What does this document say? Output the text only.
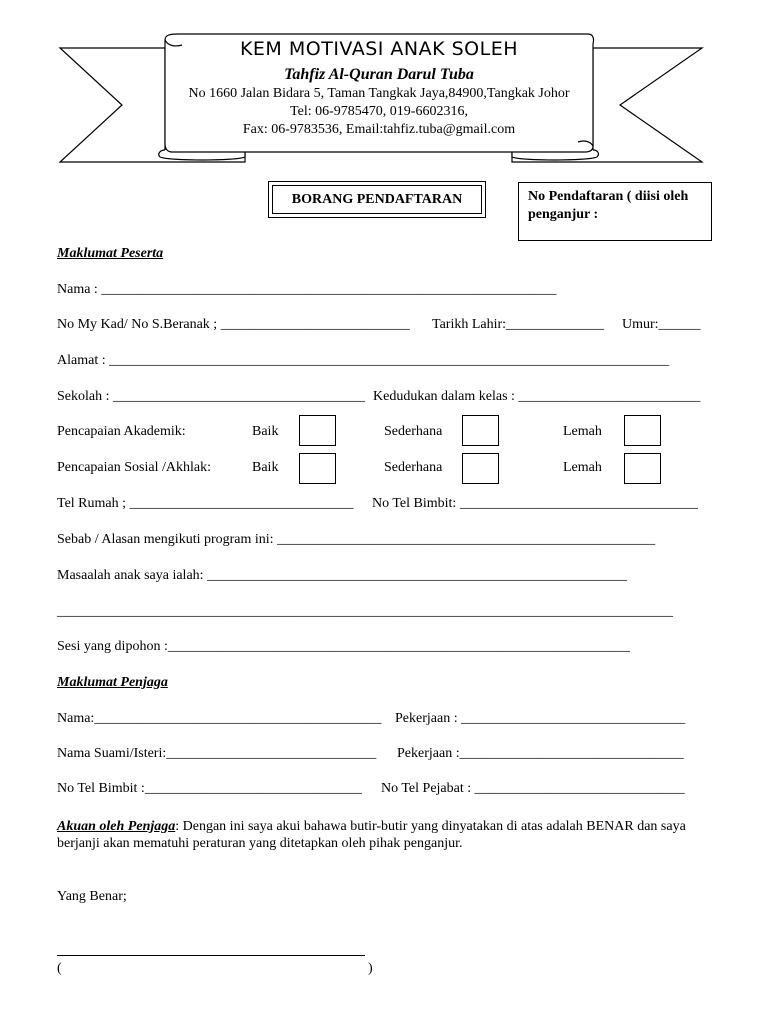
KEM MOTIVASI ANAK SOLEH
Tahfiz Al-Quran Darul Tuba
No 1660 Jalan Bidara 5, Taman Tangkak Jaya,84900,Tangkak Johor
Tel: 06-9785470, 019-6602316,
Fax: 06-9783536, Email:tahfiz.tuba@gmail.com
BORANG PENDAFTARAN	No Pendaftaran ( diisi oleh penganjur :
Maklumat Peserta
Nama : _________________________________________________________________
No My Kad/ No S.Beranak ; ___________________________ Tarikh Lahir:______________ Umur:______
Alamat : ________________________________________________________________________________
Sekolah : ____________________________________ Kedudukan dalam kelas : __________________________
Pencapaian Akademik:	Baik	Sederhana	Lemah
Pencapaian Sosial /Akhlak:	Baik	Sederhana	Lemah
Tel Rumah ; ________________________________ No Tel Bimbit: __________________________________
Sebab / Alasan mengikuti program ini: ______________________________________________________
Masaalah anak saya ialah: ____________________________________________________________
________________________________________________________________________________________
Sesi yang dipohon :__________________________________________________________________
Maklumat Penjaga
Nama:_________________________________________ Pekerjaan : ________________________________
Nama Suami/Isteri:______________________________ Pekerjaan :________________________________
No Tel Bimbit :_______________________________ No Tel Pejabat : ______________________________
Akuan oleh Penjaga: Dengan ini saya akui bahawa butir-butir yang dinyatakan di atas adalah BENAR dan saya berjanji akan mematuhi peraturan yang ditetapkan oleh pihak penganjur.
Yang Benar;
(	)
